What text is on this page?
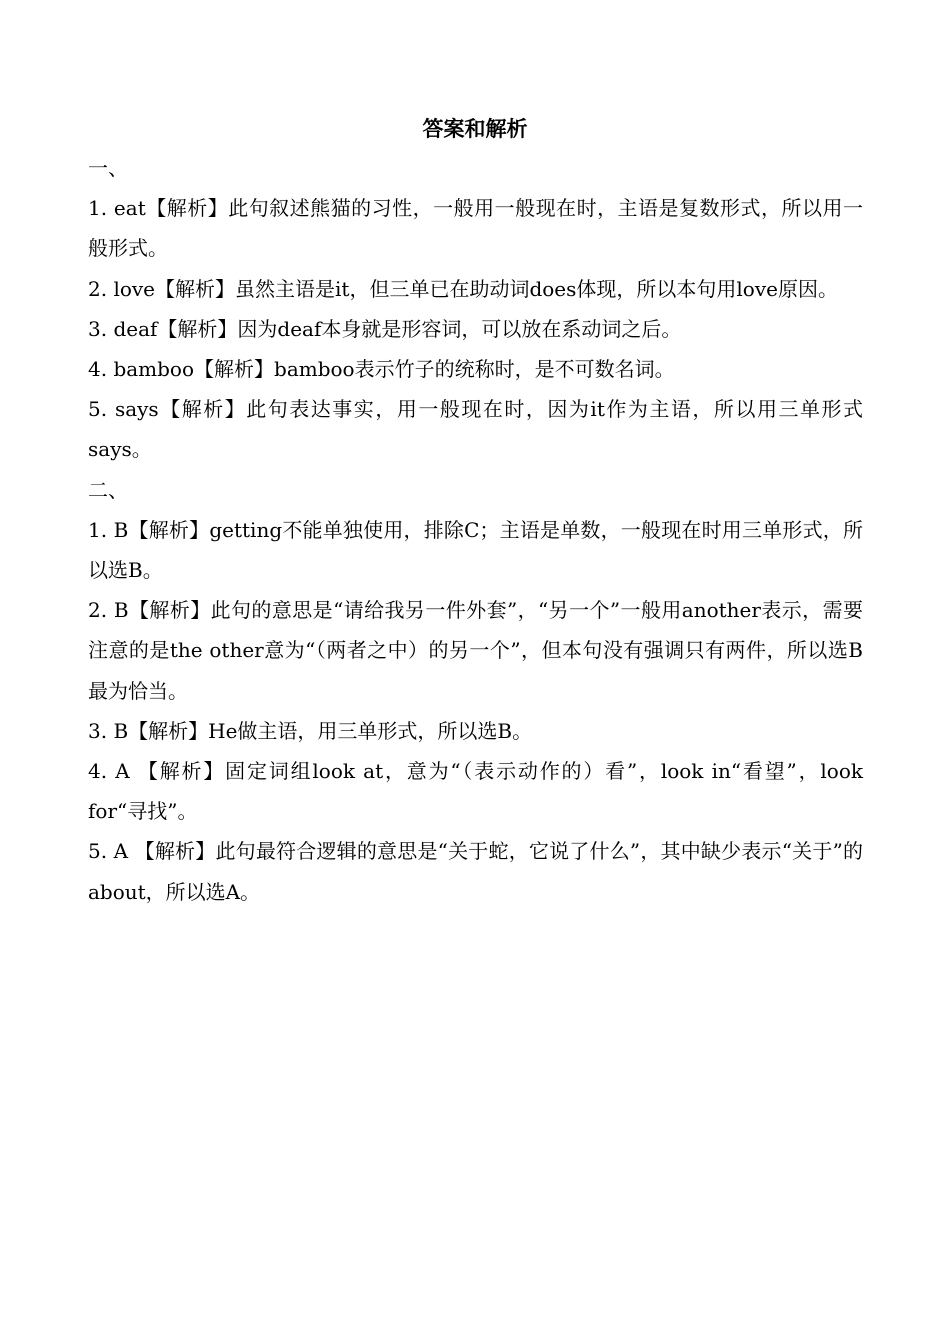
答案和解析

一、

1. eat【解析】此句叙述熊猫的习性，一般用一般现在时，主语是复数形式，所以用一般形式。

2. love【解析】虽然主语是it，但三单已在助动词does体现，所以本句用love原因。

3. deaf【解析】因为deaf本身就是形容词，可以放在系动词之后。

4. bamboo【解析】bamboo表示竹子的统称时，是不可数名词。

5. says【解析】此句表达事实，用一般现在时，因为it作为主语，所以用三单形式says。

二、

1. B【解析】getting不能单独使用，排除C；主语是单数，一般现在时用三单形式，所以选B。

2. B【解析】此句的意思是“请给我另一件外套”，“另一个”一般用another表示，需要注意的是the other意为“（两者之中）的另一个”，但本句没有强调只有两件，所以选B最为恰当。

3. B【解析】He做主语，用三单形式，所以选B。

4. A 【解析】固定词组look at，意为“（表示动作的）看”，look in“看望”，look for“寻找”。

5. A 【解析】此句最符合逻辑的意思是“关于蛇，它说了什么”，其中缺少表示“关于”的about，所以选A。
